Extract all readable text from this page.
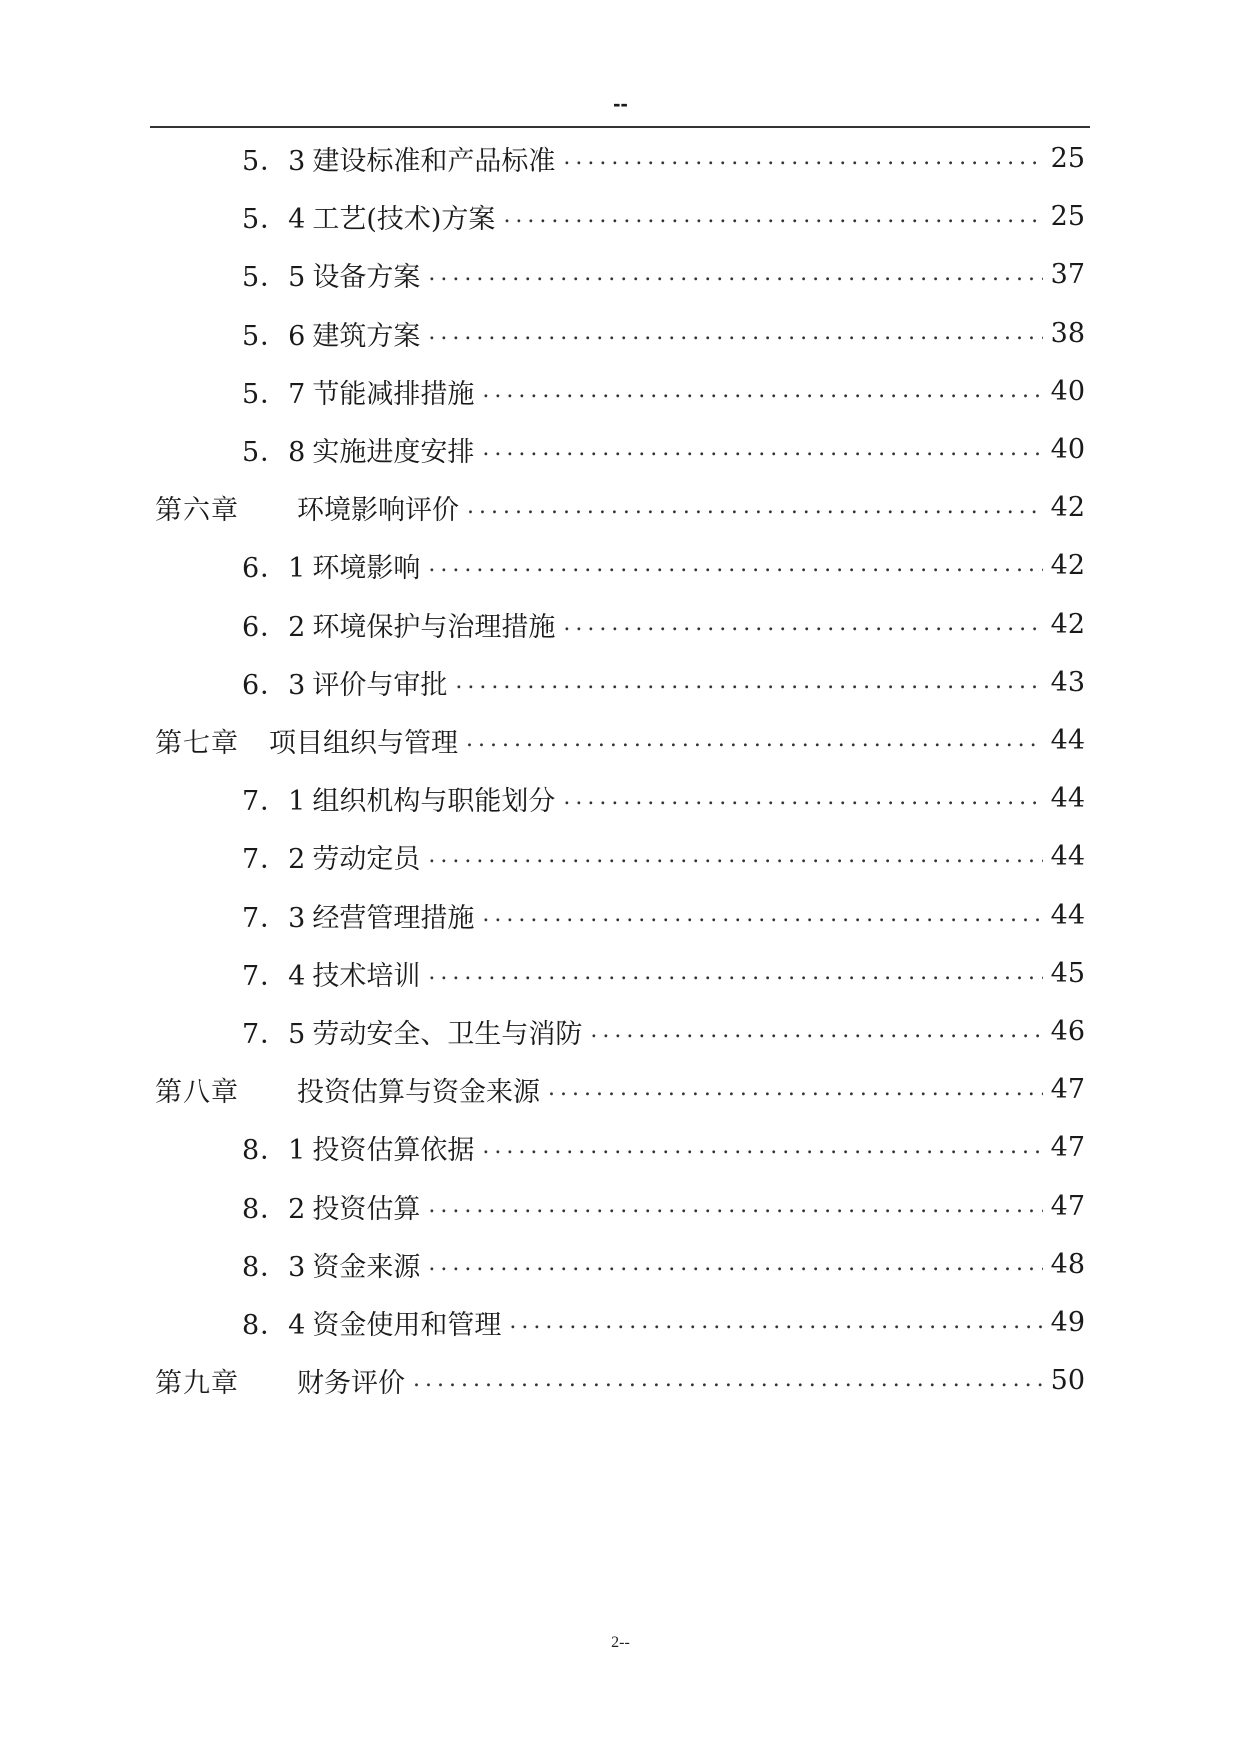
--
5．3 建设标准和产品标准 .....	25
5．4 工艺(技术)方案 .....	25
5．5 设备方案 .....	37
5．6 建筑方案 .....	38
5．7 节能减排措施 .....	40
5．8 实施进度安排 .....	40
第六章 环境影响评价 .....	42
6．1 环境影响 .....	42
6．2 环境保护与治理措施 .....	42
6．3 评价与审批 .....	43
第七章 项目组织与管理 .....	44
7．1 组织机构与职能划分 .....	44
7．2 劳动定员 .....	44
7．3 经营管理措施 .....	44
7．4 技术培训 .....	45
7．5 劳动安全、卫生与消防 .....	46
第八章 投资估算与资金来源 .....	47
8．1 投资估算依据 .....	47
8．2 投资估算 .....	47
8．3 资金来源 .....	48
8．4 资金使用和管理 .....	49
第九章 财务评价 .....	50
2--
